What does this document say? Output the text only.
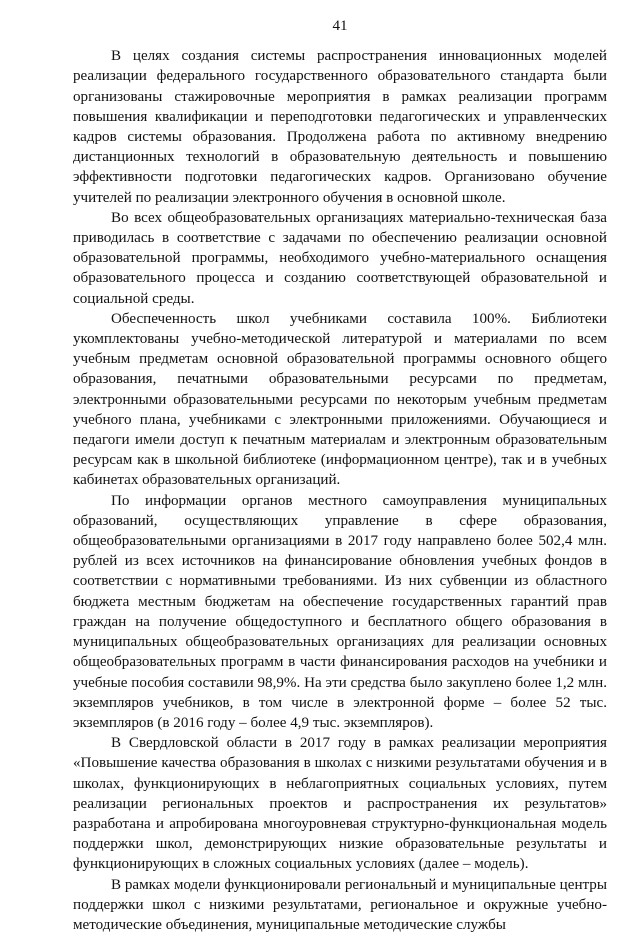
41

В целях создания системы распространения инновационных моделей реализации федерального государственного образовательного стандарта были организованы стажировочные мероприятия в рамках реализации программ повышения квалификации и переподготовки педагогических и управленческих кадров системы образования. Продолжена работа по активному внедрению дистанционных технологий в образовательную деятельность и повышению эффективности подготовки педагогических кадров. Организовано обучение учителей по реализации электронного обучения в основной школе.

Во всех общеобразовательных организациях материально-техническая база приводилась в соответствие с задачами по обеспечению реализации основной образовательной программы, необходимого учебно-материального оснащения образовательного процесса и созданию соответствующей образовательной и социальной среды.

Обеспеченность школ учебниками составила 100%. Библиотеки укомплектованы учебно-методической литературой и материалами по всем учебным предметам основной образовательной программы основного общего образования, печатными образовательными ресурсами по предметам, электронными образовательными ресурсами по некоторым учебным предметам учебного плана, учебниками с электронными приложениями. Обучающиеся и педагоги имели доступ к печатным материалам и электронным образовательным ресурсам как в школьной библиотеке (информационном центре), так и в учебных кабинетах образовательных организаций.

По информации органов местного самоуправления муниципальных образований, осуществляющих управление в сфере образования, общеобразовательными организациями в 2017 году направлено более 502,4 млн. рублей из всех источников на финансирование обновления учебных фондов в соответствии с нормативными требованиями. Из них субвенции из областного бюджета местным бюджетам на обеспечение государственных гарантий прав граждан на получение общедоступного и бесплатного общего образования в муниципальных общеобразовательных организациях для реализации основных общеобразовательных программ в части финансирования расходов на учебники и учебные пособия составили 98,9%. На эти средства было закуплено более 1,2 млн. экземпляров учебников, в том числе в электронной форме – более 52 тыс. экземпляров (в 2016 году – более 4,9 тыс. экземпляров).

В Свердловской области в 2017 году в рамках реализации мероприятия «Повышение качества образования в школах с низкими результатами обучения и в школах, функционирующих в неблагоприятных социальных условиях, путем реализации региональных проектов и распространения их результатов» разработана и апробирована многоуровневая структурно-функциональная модель поддержки школ, демонстрирующих низкие образовательные результаты и функционирующих в сложных социальных условиях (далее – модель).

В рамках модели функционировали региональный и муниципальные центры поддержки школ с низкими результатами, региональное и окружные учебно-методические объединения, муниципальные методические службы
